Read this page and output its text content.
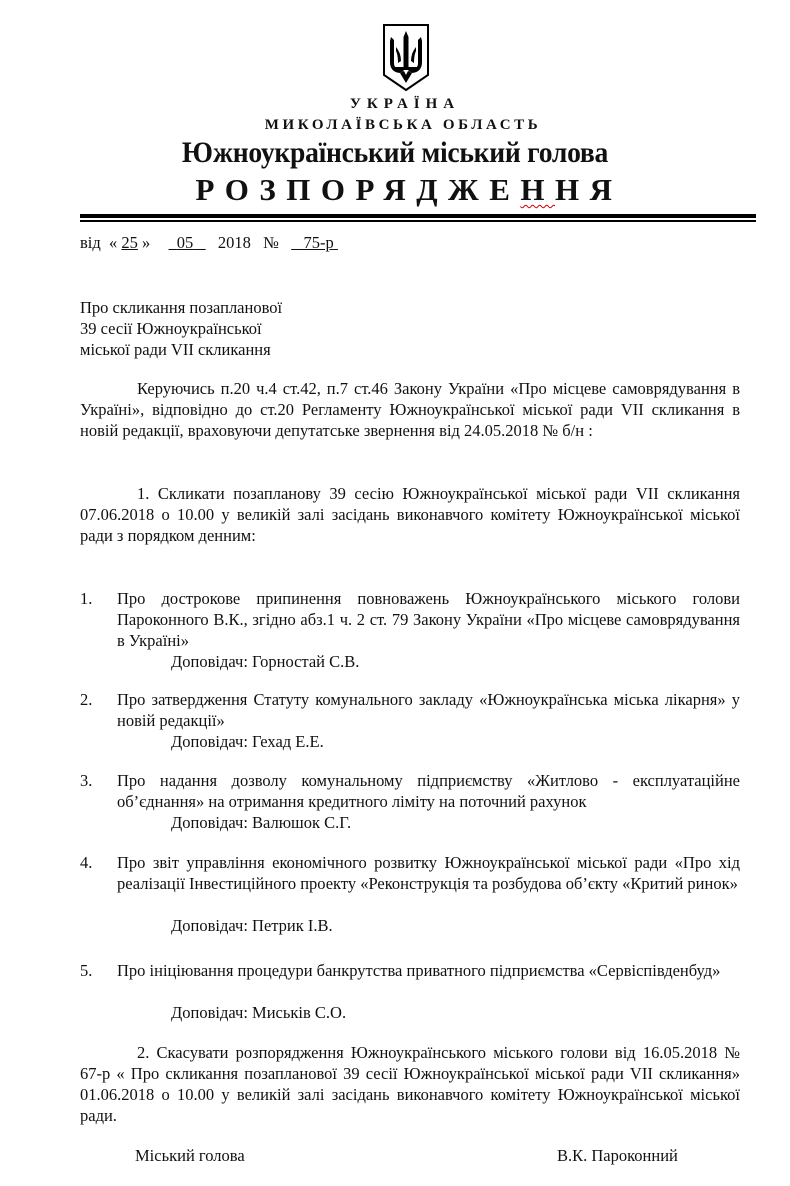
УКРАЇНА
МИКОЛАЇВСЬКА ОБЛАСТЬ
Южноукраїнський міський голова
РОЗПОРЯДЖЕННЯ
від « 25 » 05 2018 № 75-р
Про скликання позапланової
39 сесії Южноукраїнської
міської ради VII скликання
Керуючись п.20 ч.4 ст.42, п.7 ст.46 Закону України «Про місцеве самоврядування в Україні», відповідно до ст.20 Регламенту Южноукраїнської міської ради VII скликання в новій редакції, враховуючи депутатське звернення від 24.05.2018 № б/н :
1. Скликати позапланову 39 сесію Южноукраїнської міської ради VII скликання 07.06.2018 о 10.00 у великій залі засідань виконавчого комітету Южноукраїнської міської ради з порядком денним:
1. Про дострокове припинення повноважень Южноукраїнського міського голови Пароконного В.К., згідно абз.1 ч. 2 ст. 79 Закону України «Про місцеве самоврядування в Україні»
Доповідач: Горностай С.В.
2. Про затвердження Статуту комунального закладу «Южноукраїнська міська лікарня» у новій редакції»
Доповідач: Гехад Е.Е.
3. Про надання дозволу комунальному підприємству «Житлово - експлуатаційне об’єднання» на отримання кредитного ліміту на поточний рахунок
Доповідач: Валюшок С.Г.
4. Про звіт управління економічного розвитку Южноукраїнської міської ради «Про хід реалізації Інвестиційного проекту «Реконструкція та розбудова об’єкту «Критий ринок»
Доповідач: Петрик І.В.
5. Про ініціювання процедури банкрутства приватного підприємства «Сервіспівденбуд»
Доповідач: Миськів С.О.
2. Скасувати розпорядження Южноукраїнського міського голови від 16.05.2018 № 67-р « Про скликання позапланової 39 сесії Южноукраїнської міської ради VII скликання» 01.06.2018 о 10.00 у великій залі засідань виконавчого комітету Южноукраїнської міської ради.
Міський голова	В.К. Пароконний
